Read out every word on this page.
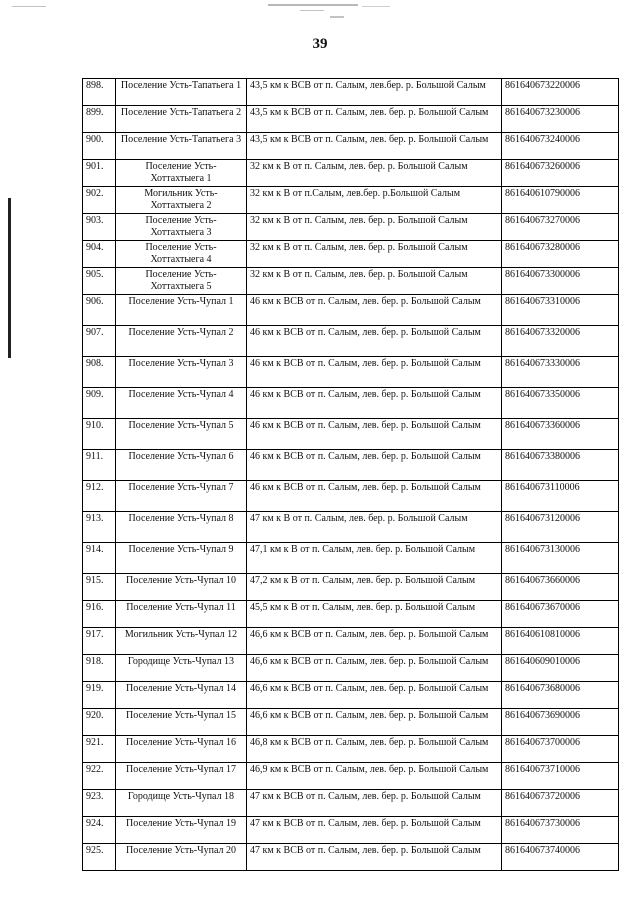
39
898.	Поселение Усть-Тапатьега 1	43,5 км к ВСВ от п. Салым, лев.бер. р. Большой Салым	861640673220006
899.	Поселение Усть-Тапатьега 2	43,5 км к ВСВ от п. Салым, лев. бер. р. Большой Салым	861640673230006
900.	Поселение Усть-Тапатьега 3	43,5 км к ВСВ от п. Салым, лев. бер. р. Большой Салым	861640673240006
901.	Поселение Усть-Хоттахтыега 1	32 км к В от п. Салым, лев. бер. р. Большой Салым	861640673260006
902.	Могильник Усть-Хоттахтыега 2	32 км к В от п.Салым, лев.бер. р.Большой Салым	861640610790006
903.	Поселение Усть-Хоттахтыега 3	32 км к В от п. Салым, лев. бер. р. Большой Салым	861640673270006
904.	Поселение Усть-Хоттахтыега 4	32 км к В от п. Салым, лев. бер. р. Большой Салым	861640673280006
905.	Поселение Усть-Хоттахтыега 5	32 км к В от п. Салым, лев. бер. р. Большой Салым	861640673300006
906.	Поселение Усть-Чупал 1	46 км к ВСВ от п. Салым, лев. бер. р. Большой Салым	861640673310006
907.	Поселение Усть-Чупал 2	46 км к ВСВ от п. Салым, лев. бер. р. Большой Салым	861640673320006
908.	Поселение Усть-Чупал 3	46 км к ВСВ от п. Салым, лев. бер. р. Большой Салым	861640673330006
909.	Поселение Усть-Чупал 4	46 км к ВСВ от п. Салым, лев. бер. р. Большой Салым	861640673350006
910.	Поселение Усть-Чупал 5	46 км к ВСВ от п. Салым, лев. бер. р. Большой Салым	861640673360006
911.	Поселение Усть-Чупал 6	46 км к ВСВ от п. Салым, лев. бер. р. Большой Салым	861640673380006
912.	Поселение Усть-Чупал 7	46 км к ВСВ от п. Салым, лев. бер. р. Большой Салым	861640673110006
913.	Поселение Усть-Чупал 8	47 км к В от п. Салым, лев. бер. р. Большой Салым	861640673120006
914.	Поселение Усть-Чупал 9	47,1 км к В от п. Салым, лев. бер. р. Большой Салым	861640673130006
915.	Поселение Усть-Чупал 10	47,2 км к В от п. Салым, лев. бер. р. Большой Салым	861640673660006
916.	Поселение Усть-Чупал 11	45,5 км к В от п. Салым, лев. бер. р. Большой Салым	861640673670006
917.	Могильник Усть-Чупал 12	46,6 км к ВСВ от п. Салым, лев. бер. р. Большой Салым	861640610810006
918.	Городище Усть-Чупал 13	46,6 км к ВСВ от п. Салым, лев. бер. р. Большой Салым	861640609010006
919.	Поселение Усть-Чупал 14	46,6 км к ВСВ от п. Салым, лев. бер. р. Большой Салым	861640673680006
920.	Поселение Усть-Чупал 15	46,6 км к ВСВ от п. Салым, лев. бер. р. Большой Салым	861640673690006
921.	Поселение Усть-Чупал 16	46,8 км к ВСВ от п. Салым, лев. бер. р. Большой Салым	861640673700006
922.	Поселение Усть-Чупал 17	46,9 км к ВСВ от п. Салым, лев. бер. р. Большой Салым	861640673710006
923.	Городище Усть-Чупал 18	47 км к ВСВ от п. Салым, лев. бер. р. Большой Салым	861640673720006
924.	Поселение Усть-Чупал 19	47 км к ВСВ от п. Салым, лев. бер. р. Большой Салым	861640673730006
925.	Поселение Усть-Чупал 20	47 км к ВСВ от п. Салым, лев. бер. р. Большой Салым	861640673740006
